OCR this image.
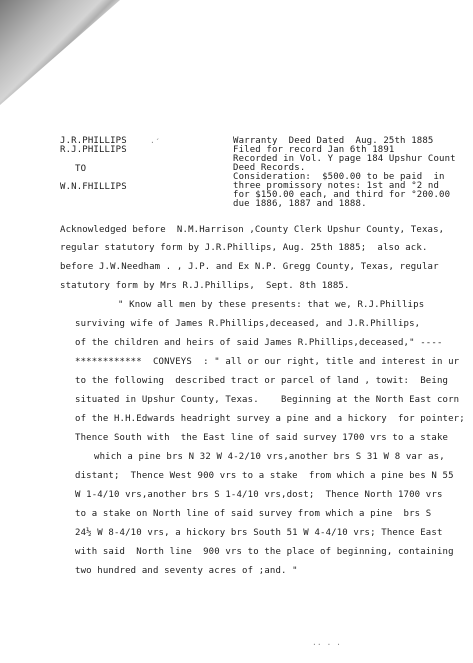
J.R.PHILLIPS
R.J.PHILLIPS
TO
W.N.FHILLIPS
·´	Warranty  Deed Dated  Aug. 25th 1885
Filed for record Jan 6th 1891
Recorded in Vol. Y page 184 Upshur Count
Deed Records.
Consideration:  $500.00 to be paid  in
three promissory notes: 1st and °2 nd
for $150.00 each, and third for °200.00
due 1886, 1887 and 1888.
Acknowledged before  N.M.Harrison ,County Clerk Upshur County, Texas,
regular statutory form by J.R.Phillips, Aug. 25th 1885;  also ack.
before J.W.Needham . , J.P. and Ex N.P. Gregg County, Texas, regular
statutory form by Mrs R.J.Phillips,  Sept. 8th 1885.
" Know all men by these presents: that we, R.J.Phillips
surviving wife of James R.Phillips,deceased, and J.R.Phillips,
of the children and heirs of said James R.Phillips,deceased," ----
************  CONVEYS  : " all or our right, title and interest in ur
to the following  described tract or parcel of land , towit:  Being
situated in Upshur County, Texas.    Beginning at the North East corn
of the H.H.Edwards headright survey a pine and a hickory  for pointer;
Thence South with  the East line of said survey 1700 vrs to a stake
which a pine brs N 32 W 4-2/10 vrs,another brs S 31 W 8 var as,
distant;  Thence West 900 vrs to a stake  from which a pine bes N 55
W 1-4/10 vrs,another brs S 1-4/10 vrs,dost;  Thence North 1700 vrs
to a stake on North line of said survey from which a pine  brs S
24½ W 8-4/10 vrs, a hickory brs South 51 W 4-4/10 vrs; Thence East
with said  North line  900 vrs to the place of beginning, containing
two hundred and seventy acres of ;and. "
·· · ·
